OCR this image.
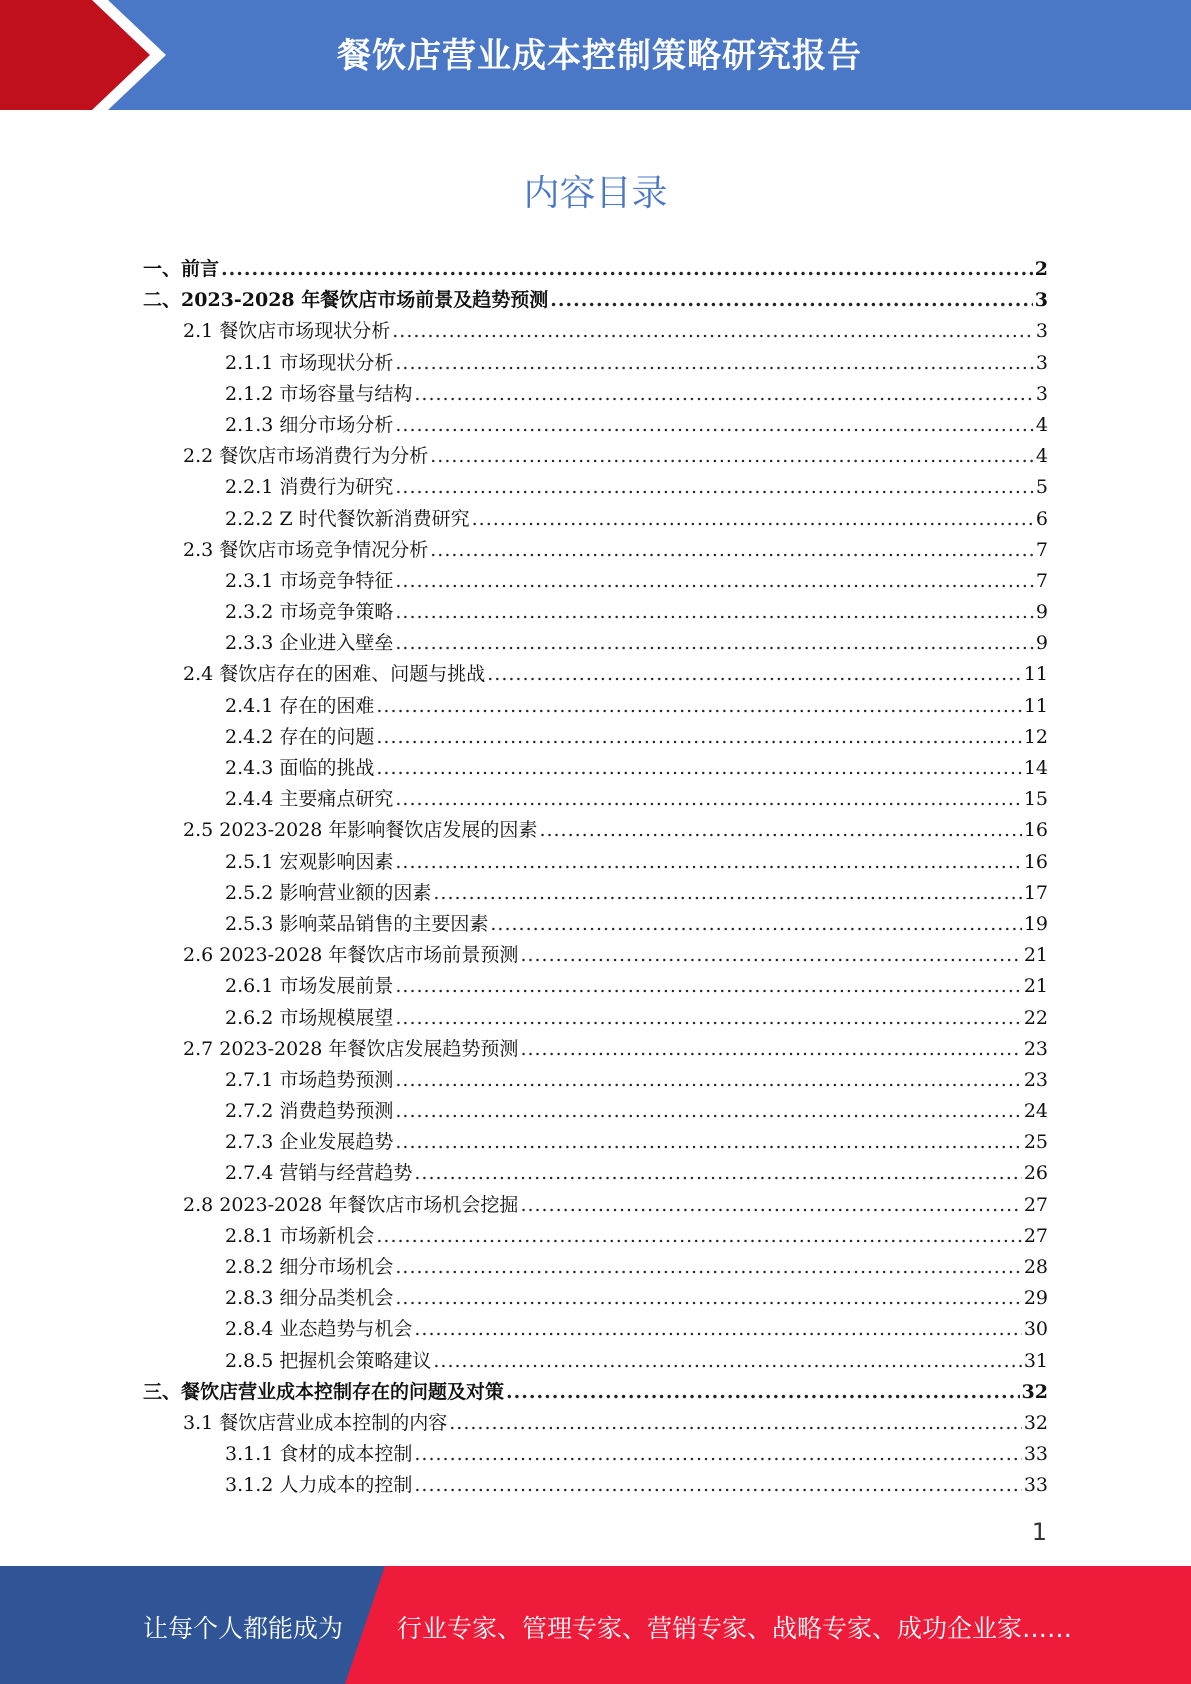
餐饮店营业成本控制策略研究报告
内容目录
一、前言 .....	2
二、2023-2028 年餐饮店市场前景及趋势预测 .....	3
2.1 餐饮店市场现状分析 .....	3
2.1.1 市场现状分析 .....	3
2.1.2 市场容量与结构 .....	3
2.1.3 细分市场分析 .....	4
2.2 餐饮店市场消费行为分析 .....	4
2.2.1 消费行为研究 .....	5
2.2.2 Z 时代餐饮新消费研究 .....	6
2.3 餐饮店市场竞争情况分析 .....	7
2.3.1 市场竞争特征 .....	7
2.3.2 市场竞争策略 .....	9
2.3.3 企业进入壁垒 .....	9
2.4 餐饮店存在的困难、问题与挑战 .....	11
2.4.1 存在的困难 .....	11
2.4.2 存在的问题 .....	12
2.4.3 面临的挑战 .....	14
2.4.4 主要痛点研究 .....	15
2.5 2023-2028 年影响餐饮店发展的因素 .....	16
2.5.1 宏观影响因素 .....	16
2.5.2 影响营业额的因素 .....	17
2.5.3 影响菜品销售的主要因素 .....	19
2.6 2023-2028 年餐饮店市场前景预测 .....	21
2.6.1 市场发展前景 .....	21
2.6.2 市场规模展望 .....	22
2.7 2023-2028 年餐饮店发展趋势预测 .....	23
2.7.1 市场趋势预测 .....	23
2.7.2 消费趋势预测 .....	24
2.7.3 企业发展趋势 .....	25
2.7.4 营销与经营趋势 .....	26
2.8 2023-2028 年餐饮店市场机会挖掘 .....	27
2.8.1 市场新机会 .....	27
2.8.2 细分市场机会 .....	28
2.8.3 细分品类机会 .....	29
2.8.4 业态趋势与机会 .....	30
2.8.5 把握机会策略建议 .....	31
三、餐饮店营业成本控制存在的问题及对策 .....	32
3.1 餐饮店营业成本控制的内容 .....	32
3.1.1 食材的成本控制 .....	33
3.1.2 人力成本的控制 .....	33
1
让每个人都能成为 行业专家、管理专家、营销专家、战略专家、成功企业家……
